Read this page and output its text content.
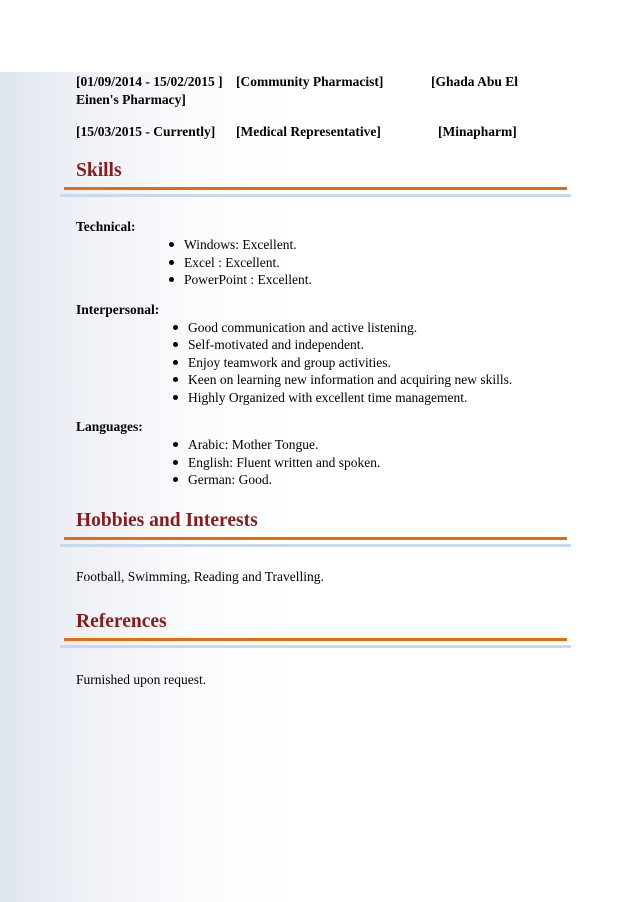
[01/09/2014 - 15/02/2015 ] [Community Pharmacist]	[Ghada Abu El
Einen's Pharmacy]
[15/03/2015 - Currently] [Medical Representative]	[Minapharm]
Skills
Technical:
Windows: Excellent.
Excel : Excellent.
PowerPoint : Excellent.
Interpersonal:
Good communication and active listening.
Self-motivated and independent.
Enjoy teamwork and group activities.
Keen on learning new information and acquiring new skills.
Highly Organized with excellent time management.
Languages:
Arabic: Mother Tongue.
English: Fluent written and spoken.
German: Good.
Hobbies and Interests
Football, Swimming, Reading and Travelling.
References
Furnished upon request.
